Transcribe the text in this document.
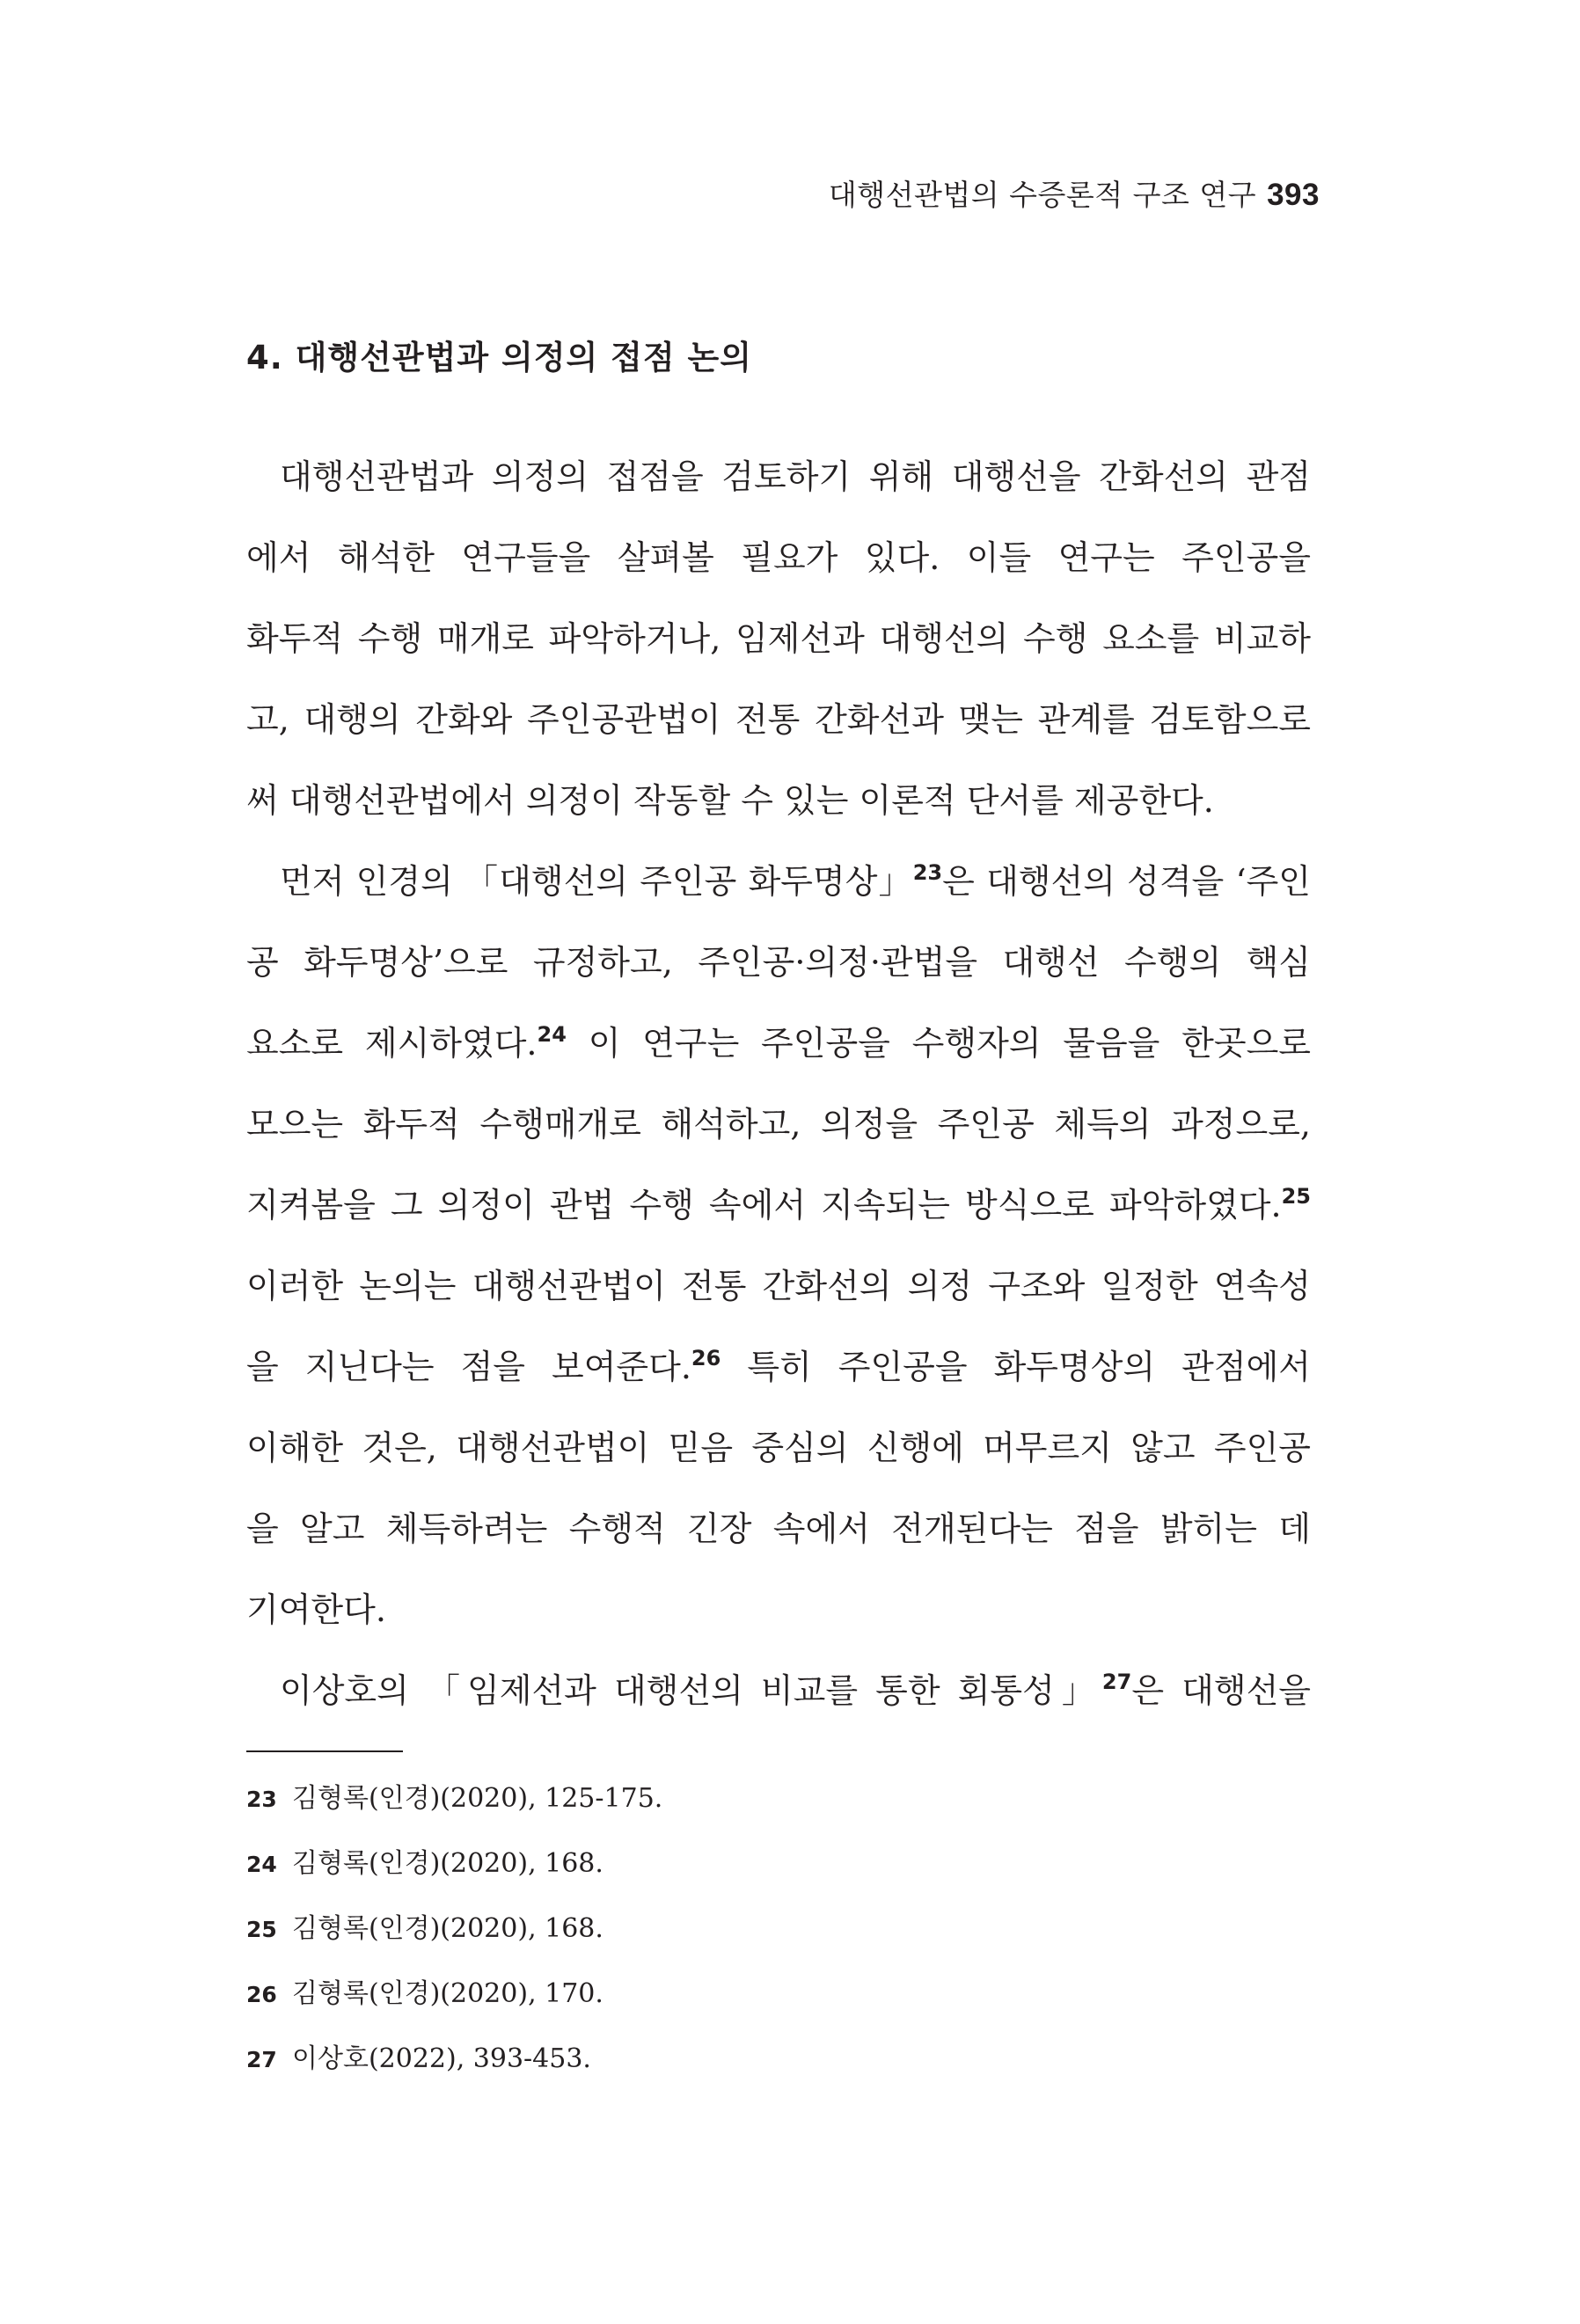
대행선관법의 수증론적 구조 연구 393
4. 대행선관법과 의정의 접점 논의
대행선관법과 의정의 접점을 검토하기 위해 대행선을 간화선의 관점
에서 해석한 연구들을 살펴볼 필요가 있다. 이들 연구는 주인공을
화두적 수행 매개로 파악하거나, 임제선과 대행선의 수행 요소를 비교하
고, 대행의 간화와 주인공관법이 전통 간화선과 맺는 관계를 검토함으로
써 대행선관법에서 의정이 작동할 수 있는 이론적 단서를 제공한다.
먼저 인경의 「대행선의 주인공 화두명상」$^{23}$은 대행선의 성격을 ‘주인
공 화두명상’으로 규정하고, 주인공·의정·관법을 대행선 수행의 핵심
요소로 제시하였다.$^{24}$ 이 연구는 주인공을 수행자의 물음을 한곳으로
모으는 화두적 수행매개로 해석하고, 의정을 주인공 체득의 과정으로,
지켜봄을 그 의정이 관법 수행 속에서 지속되는 방식으로 파악하였다.$^{25}$
이러한 논의는 대행선관법이 전통 간화선의 의정 구조와 일정한 연속성
을 지닌다는 점을 보여준다.$^{26}$ 특히 주인공을 화두명상의 관점에서
이해한 것은, 대행선관법이 믿음 중심의 신행에 머무르지 않고 주인공
을 알고 체득하려는 수행적 긴장 속에서 전개된다는 점을 밝히는 데
기여한다.
이상호의 「임제선과 대행선의 비교를 통한 회통성」$^{27}$은 대행선을
23 김형록(인경)(2020), 125-175.
24 김형록(인경)(2020), 168.
25 김형록(인경)(2020), 168.
26 김형록(인경)(2020), 170.
27 이상호(2022), 393-453.
